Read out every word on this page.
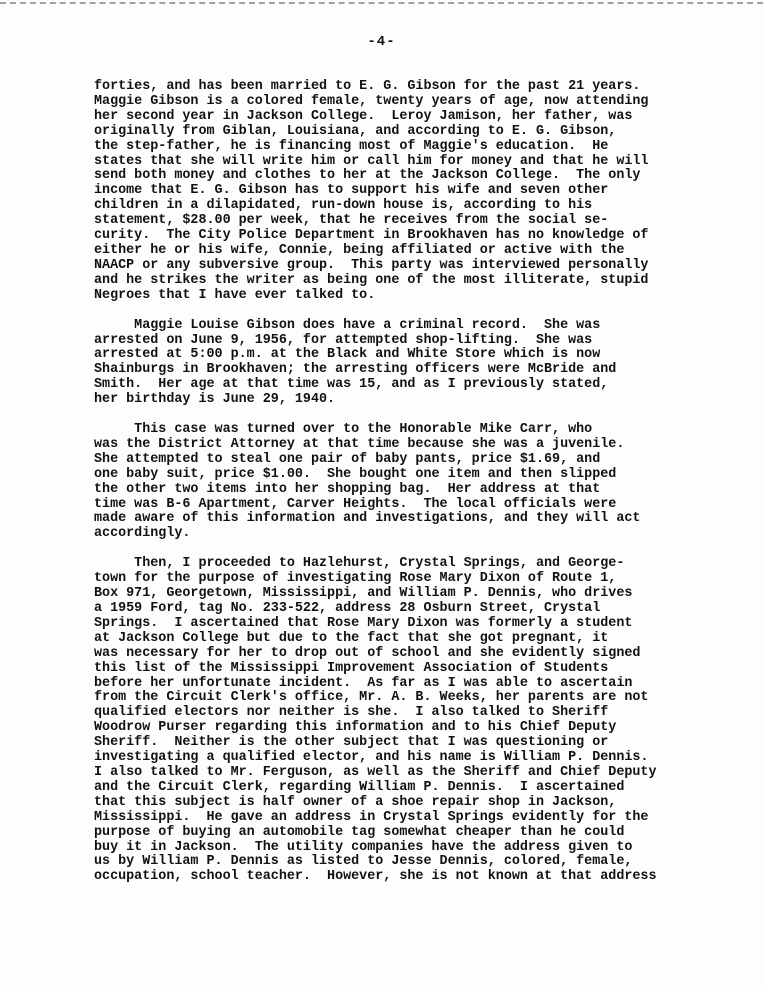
-4-
forties, and has been married to E. G. Gibson for the past 21 years.
Maggie Gibson is a colored female, twenty years of age, now attending
her second year in Jackson College.  Leroy Jamison, her father, was
originally from Giblan, Louisiana, and according to E. G. Gibson,
the step-father, he is financing most of Maggie's education.  He
states that she will write him or call him for money and that he will
send both money and clothes to her at the Jackson College.  The only
income that E. G. Gibson has to support his wife and seven other
children in a dilapidated, run-down house is, according to his
statement, $28.00 per week, that he receives from the social se-
curity.  The City Police Department in Brookhaven has no knowledge of
either he or his wife, Connie, being affiliated or active with the
NAACP or any subversive group.  This party was interviewed personally
and he strikes the writer as being one of the most illiterate, stupid
Negroes that I have ever talked to.
Maggie Louise Gibson does have a criminal record.  She was
arrested on June 9, 1956, for attempted shop-lifting.  She was
arrested at 5:00 p.m. at the Black and White Store which is now
Shainburgs in Brookhaven; the arresting officers were McBride and
Smith.  Her age at that time was 15, and as I previously stated,
her birthday is June 29, 1940.
This case was turned over to the Honorable Mike Carr, who
was the District Attorney at that time because she was a juvenile.
She attempted to steal one pair of baby pants, price $1.69, and
one baby suit, price $1.00.  She bought one item and then slipped
the other two items into her shopping bag.  Her address at that
time was B-6 Apartment, Carver Heights.  The local officials were
made aware of this information and investigations, and they will act
accordingly.
Then, I proceeded to Hazlehurst, Crystal Springs, and George-
town for the purpose of investigating Rose Mary Dixon of Route 1,
Box 971, Georgetown, Mississippi, and William P. Dennis, who drives
a 1959 Ford, tag No. 233-522, address 28 Osburn Street, Crystal
Springs.  I ascertained that Rose Mary Dixon was formerly a student
at Jackson College but due to the fact that she got pregnant, it
was necessary for her to drop out of school and she evidently signed
this list of the Mississippi Improvement Association of Students
before her unfortunate incident.  As far as I was able to ascertain
from the Circuit Clerk's office, Mr. A. B. Weeks, her parents are not
qualified electors nor neither is she.  I also talked to Sheriff
Woodrow Purser regarding this information and to his Chief Deputy
Sheriff.  Neither is the other subject that I was questioning or
investigating a qualified elector, and his name is William P. Dennis.
I also talked to Mr. Ferguson, as well as the Sheriff and Chief Deputy
and the Circuit Clerk, regarding William P. Dennis.  I ascertained
that this subject is half owner of a shoe repair shop in Jackson,
Mississippi.  He gave an address in Crystal Springs evidently for the
purpose of buying an automobile tag somewhat cheaper than he could
buy it in Jackson.  The utility companies have the address given to
us by William P. Dennis as listed to Jesse Dennis, colored, female,
occupation, school teacher.  However, she is not known at that address
